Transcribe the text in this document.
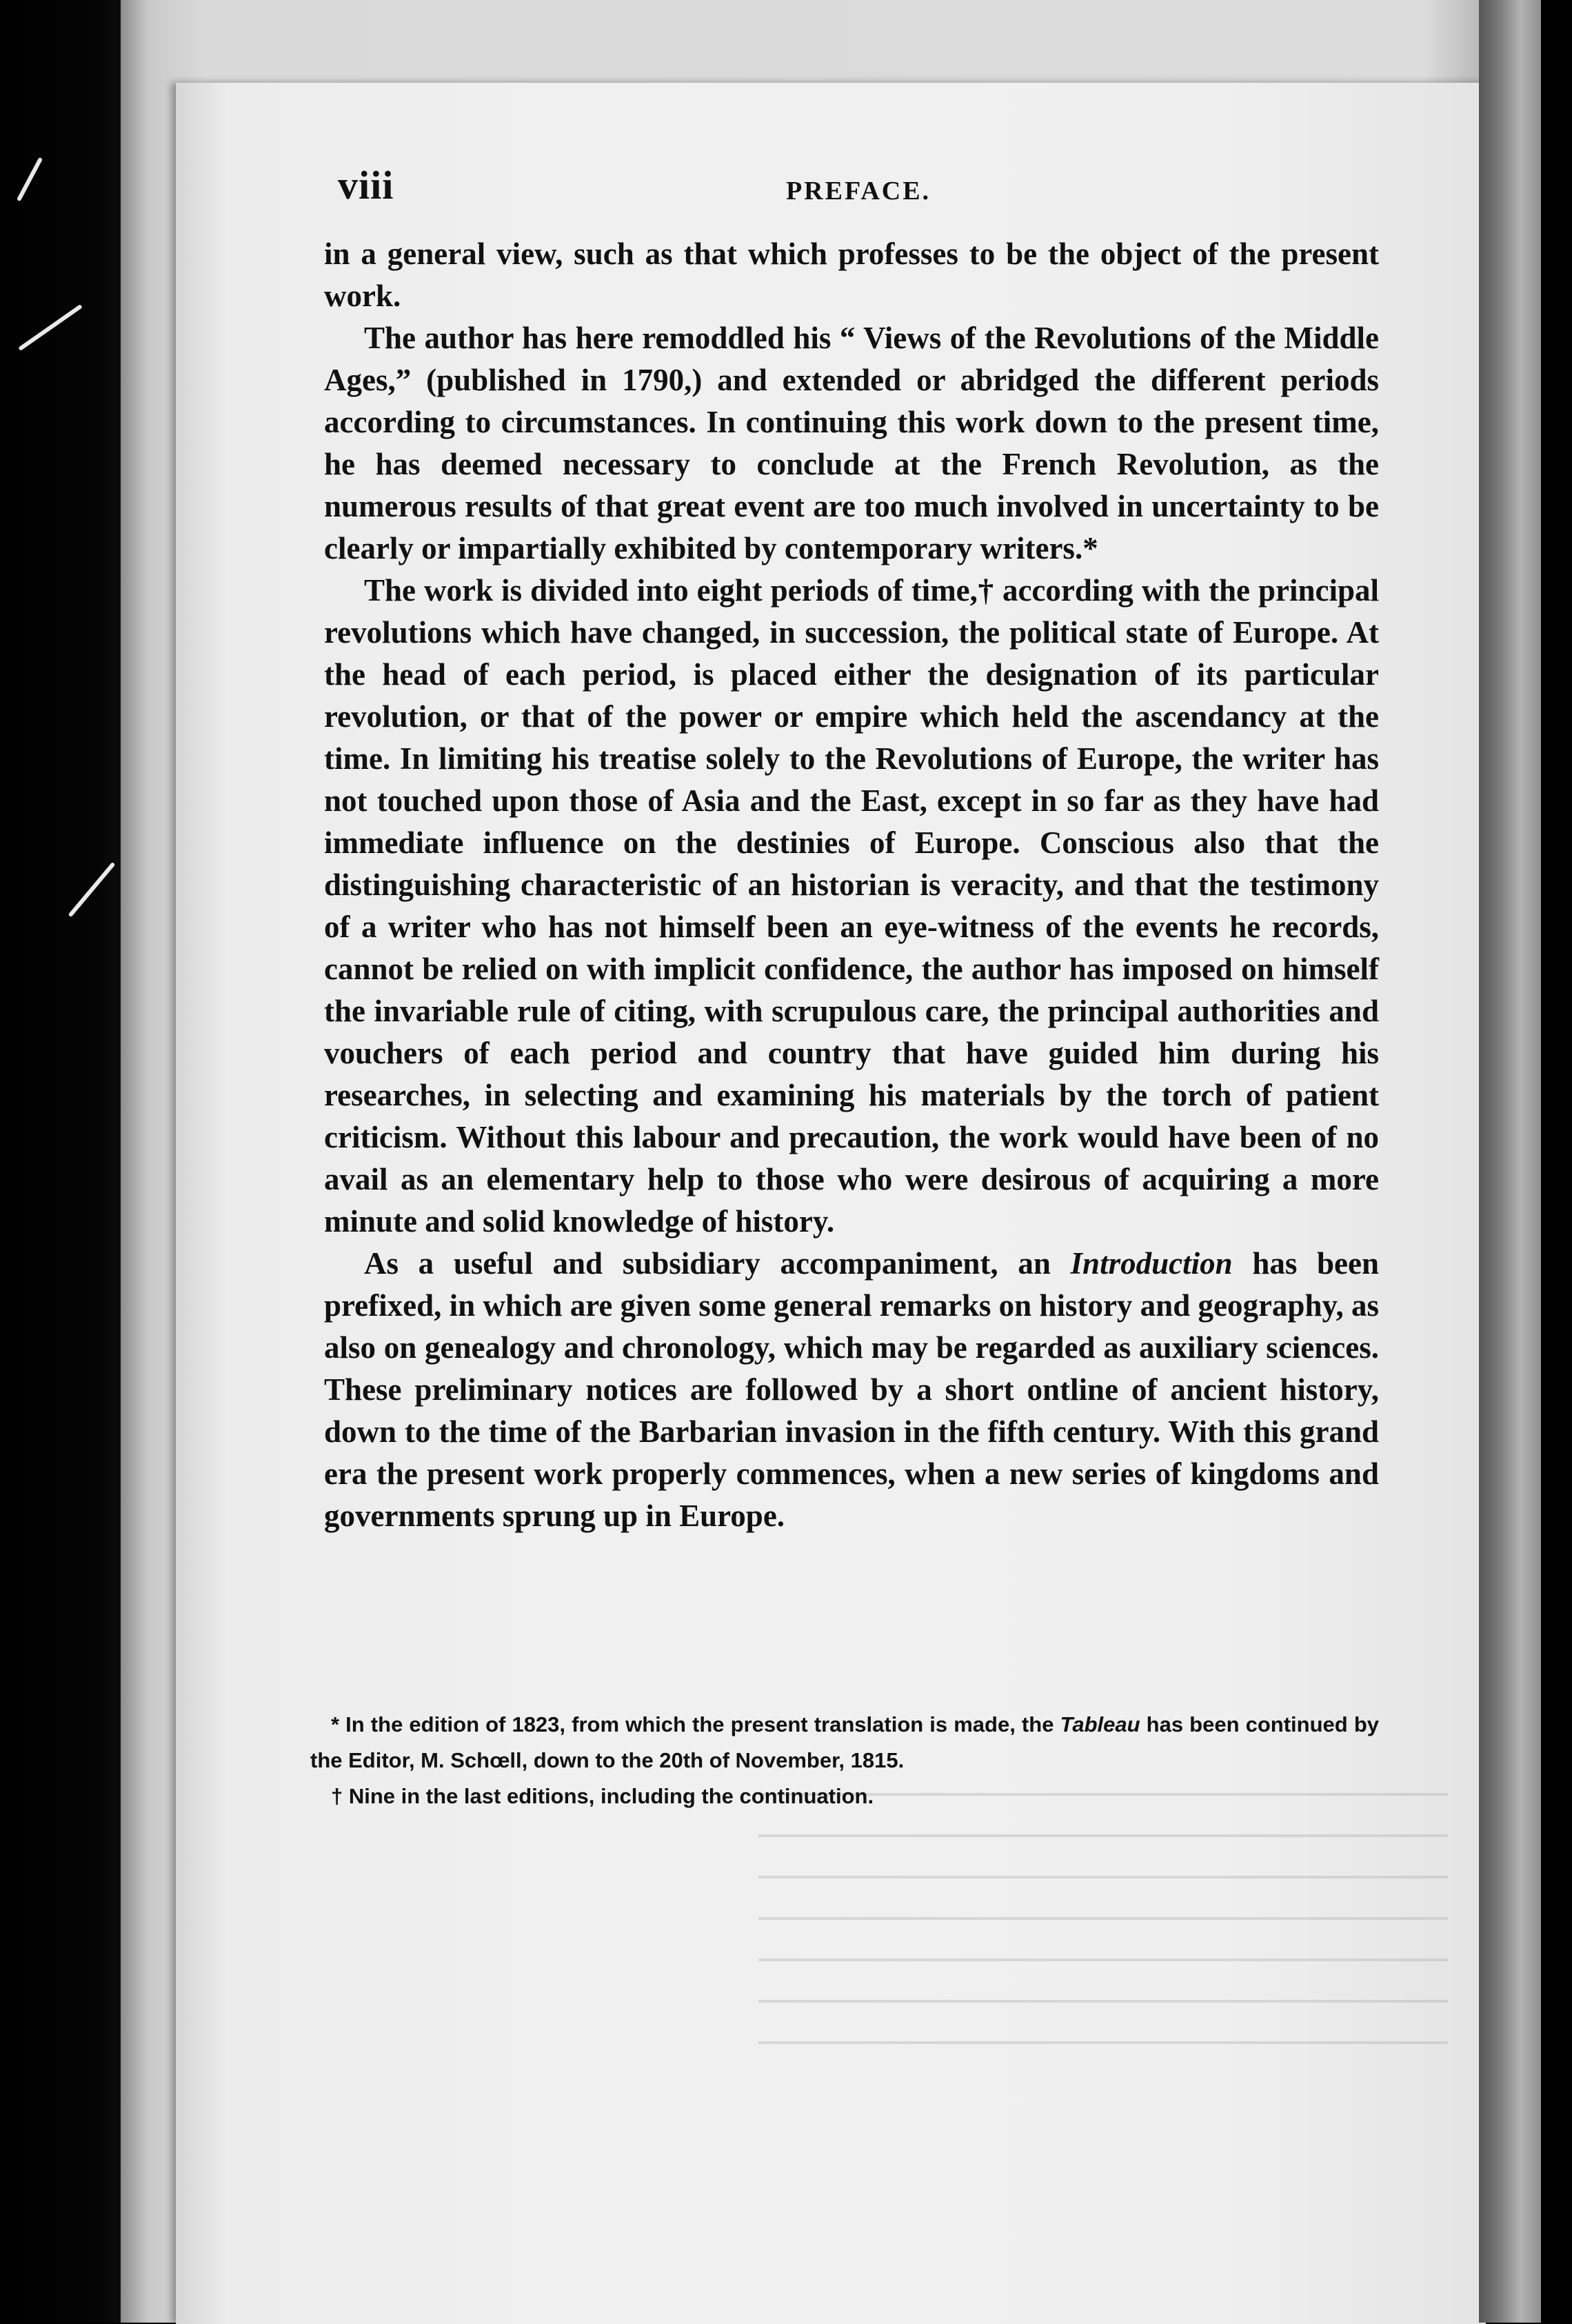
viii	PREFACE.

in a general view, such as that which professes to be the object of the present work.

The author has here remoddled his “ Views of the Revolutions of the Middle Ages,” (published in 1790,) and extended or abridged the different periods according to circumstances. In continuing this work down to the present time, he has deemed necessary to conclude at the French Revolution, as the numerous results of that great event are too much involved in uncertainty to be clearly or impartially exhibited by contemporary writers.*

The work is divided into eight periods of time,† according with the principal revolutions which have changed, in succession, the political state of Europe. At the head of each period, is placed either the designation of its particular revolution, or that of the power or empire which held the ascendancy at the time. In limiting his treatise solely to the Revolutions of Europe, the writer has not touched upon those of Asia and the East, except in so far as they have had immediate influence on the destinies of Europe. Conscious also that the distinguishing characteristic of an historian is veracity, and that the testimony of a writer who has not himself been an eye-witness of the events he records, cannot be relied on with implicit confidence, the author has imposed on himself the invariable rule of citing, with scrupulous care, the principal authorities and vouchers of each period and country that have guided him during his researches, in selecting and examining his materials by the torch of patient criticism. Without this labour and precaution, the work would have been of no avail as an elementary help to those who were desirous of acquiring a more minute and solid knowledge of history.

As a useful and subsidiary accompaniment, an Introduction has been prefixed, in which are given some general remarks on history and geography, as also on genealogy and chronology, which may be regarded as auxiliary sciences. These preliminary notices are followed by a short ontline of ancient history, down to the time of the Barbarian invasion in the fifth century. With this grand era the present work properly commences, when a new series of kingdoms and governments sprung up in Europe.

* In the edition of 1823, from which the present translation is made, the Tableau has been continued by the Editor, M. Schœll, down to the 20th of November, 1815.

† Nine in the last editions, including the continuation.
